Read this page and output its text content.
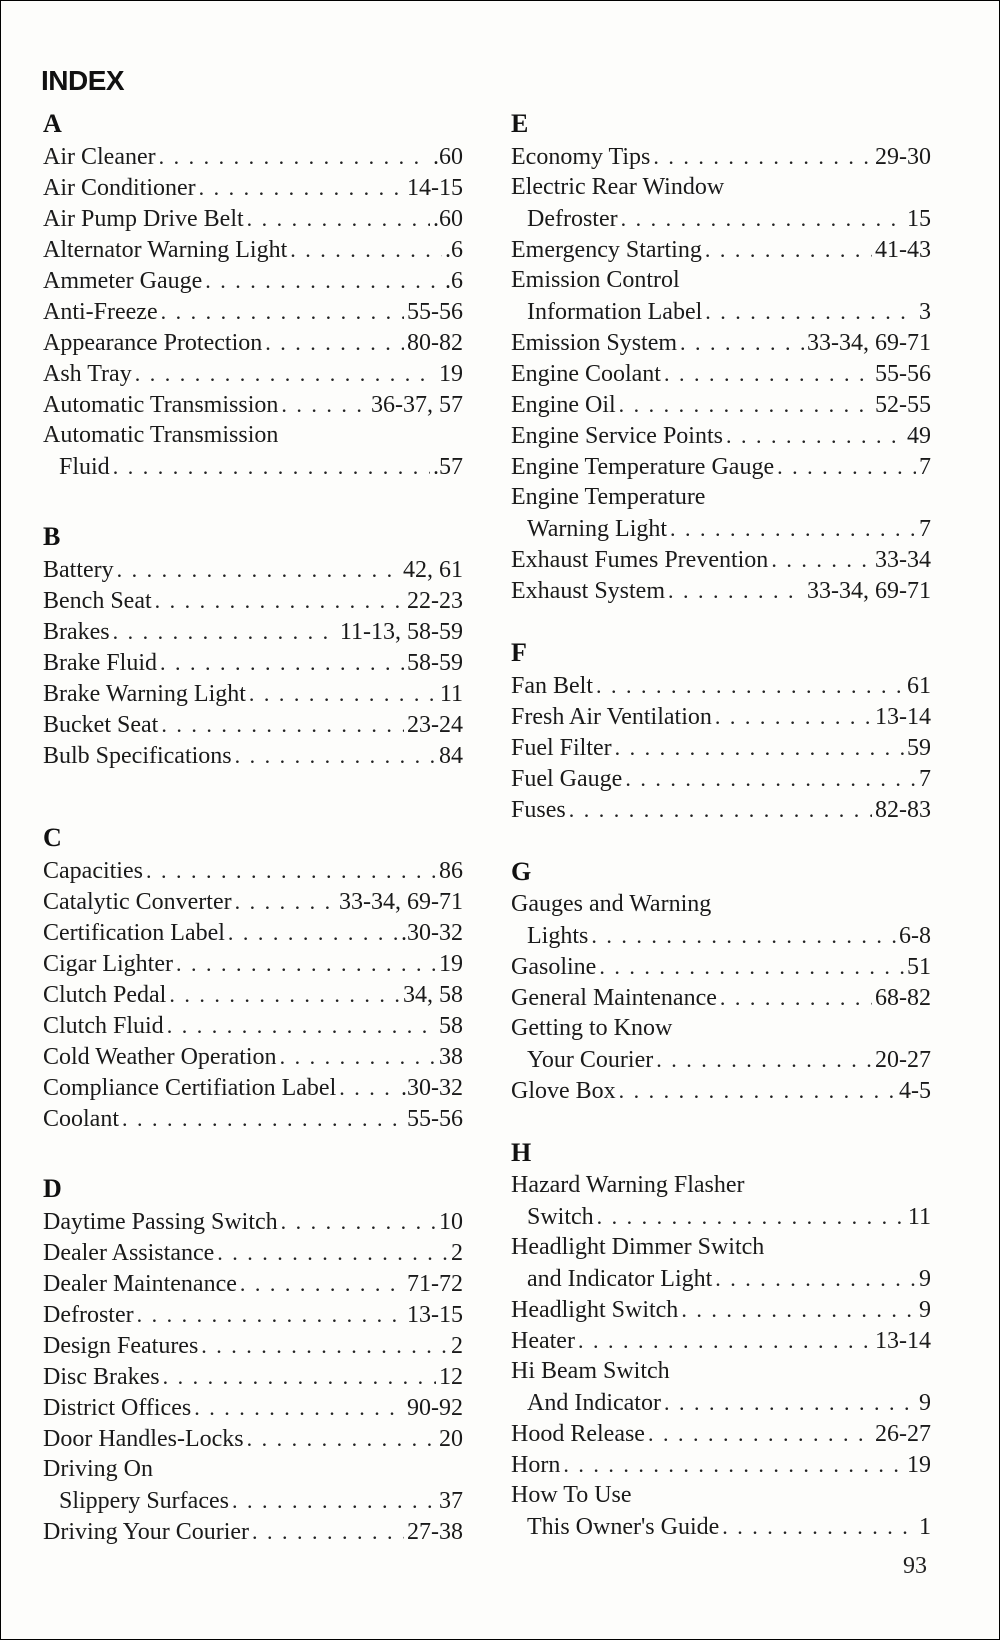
INDEX
A
Air Cleaner . . .	.60
Air Conditioner . . .	14-15
Air Pump Drive Belt . . .	.60
Alternator Warning Light . . .	.6
Ammeter Gauge . . .	.6
Anti-Freeze . . .	55-56
Appearance Protection . . .	80-82
Ash Tray . . .	19
Automatic Transmission . . .	36-37, 57
Automatic Transmission
Fluid . . .	.57
B
Battery . . .	42, 61
Bench Seat . . .	22-23
Brakes . . .	11-13, 58-59
Brake Fluid . . .	58-59
Brake Warning Light . . .	11
Bucket Seat . . .	23-24
Bulb Specifications . . .	84
C
Capacities . . .	86
Catalytic Converter . . .	33-34, 69-71
Certification Label . . .	.30-32
Cigar Lighter . . .	19
Clutch Pedal . . .	34, 58
Clutch Fluid . . .	58
Cold Weather Operation . . .	38
Compliance Certifiation Label . . .	.30-32
Coolant . . .	55-56
D
Daytime Passing Switch . . .	10
Dealer Assistance . . .	2
Dealer Maintenance . . .	71-72
Defroster . . .	13-15
Design Features . . .	2
Disc Brakes . . .	12
District Offices . . .	90-92
Door Handles-Locks . . .	20
Driving On
Slippery Surfaces . . .	37
Driving Your Courier . . .	27-38
E
Economy Tips . . .	29-30
Electric Rear Window
Defroster . . .	15
Emergency Starting . . .	41-43
Emission Control
Information Label . . .	3
Emission System . . .	33-34, 69-71
Engine Coolant . . .	55-56
Engine Oil . . .	52-55
Engine Service Points . . .	49
Engine Temperature Gauge . . .	7
Engine Temperature
Warning Light . . .	7
Exhaust Fumes Prevention . . .	33-34
Exhaust System . . .	33-34, 69-71
F
Fan Belt . . .	61
Fresh Air Ventilation . . .	13-14
Fuel Filter . . .	59
Fuel Gauge . . .	7
Fuses . . .	82-83
G
Gauges and Warning
Lights . . .	6-8
Gasoline . . .	51
General Maintenance . . .	68-82
Getting to Know
Your Courier . . .	20-27
Glove Box . . .	4-5
H
Hazard Warning Flasher
Switch . . .	11
Headlight Dimmer Switch
and Indicator Light . . .	9
Headlight Switch . . .	9
Heater . . .	13-14
Hi Beam Switch
And Indicator . . .	9
Hood Release . . .	26-27
Horn . . .	19
How To Use
This Owner's Guide . . .	1
93
